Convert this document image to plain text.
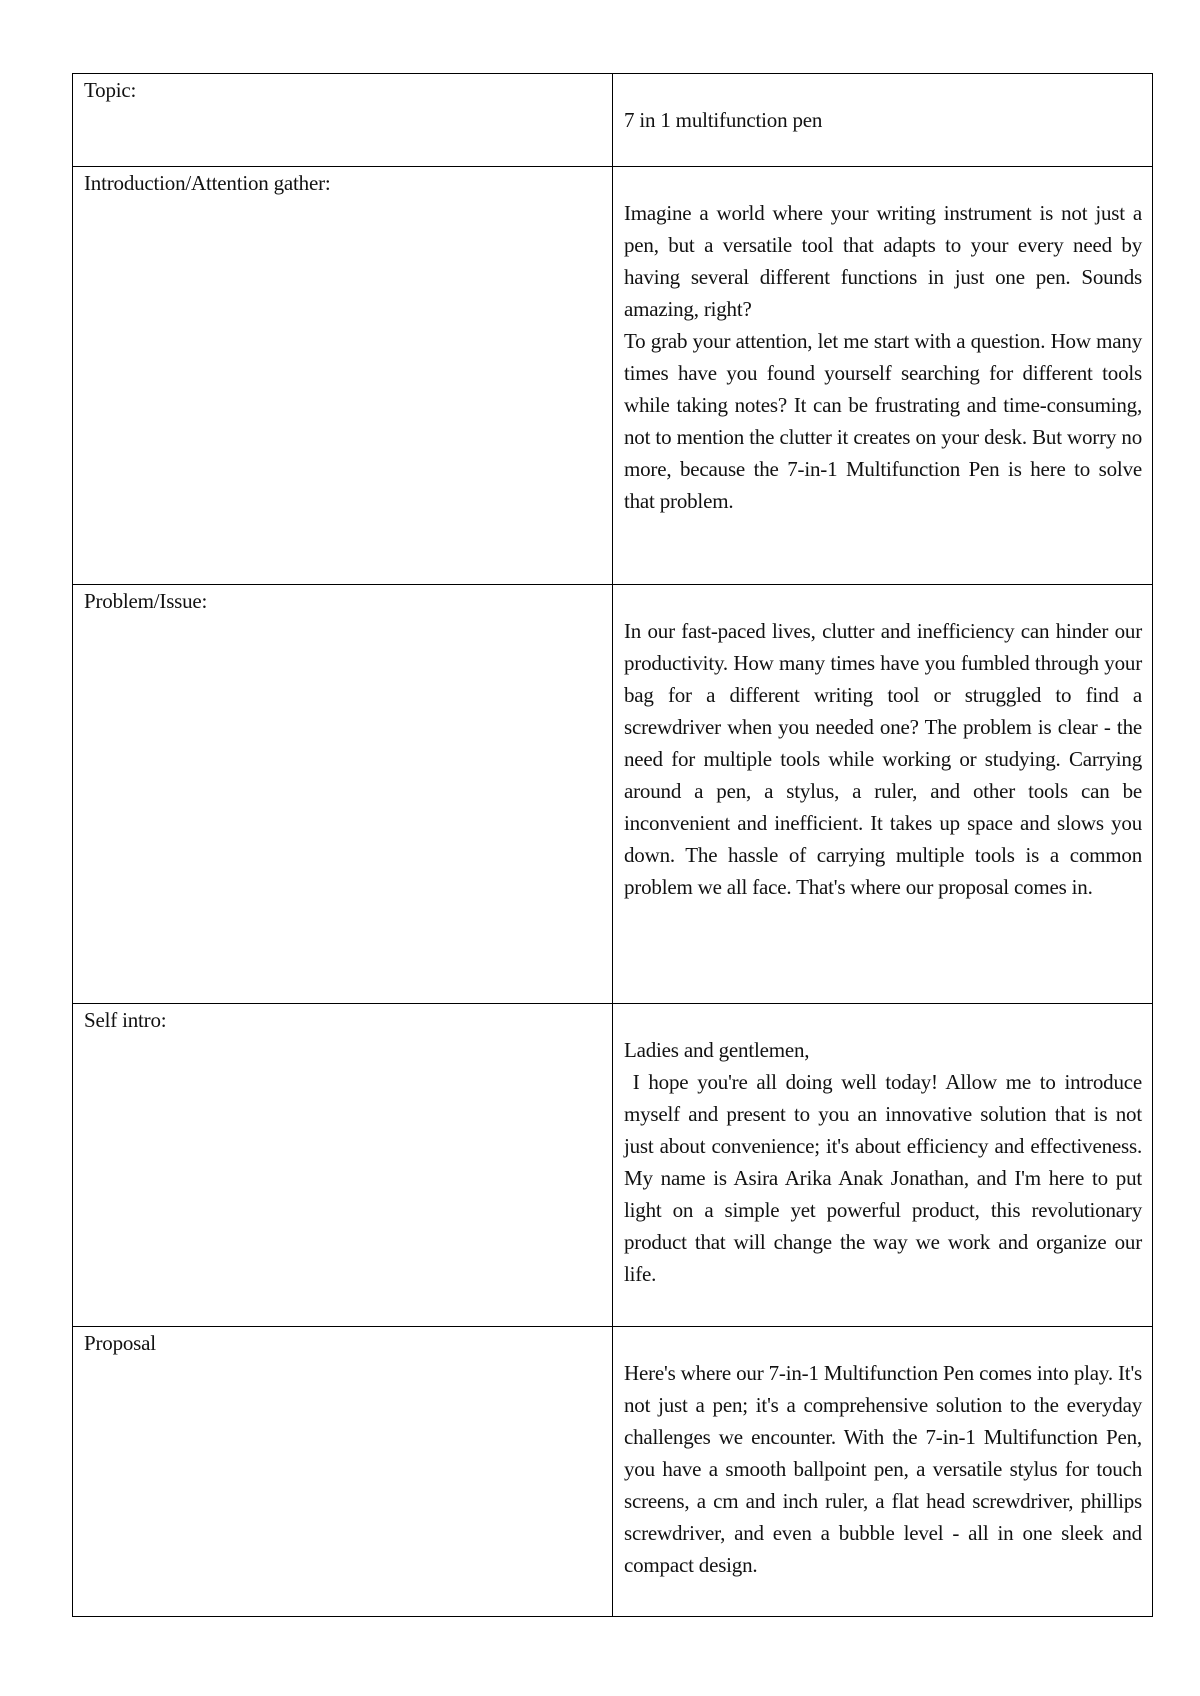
Topic:	7 in 1 multifunction pen

Introduction/Attention gather:	Imagine a world where your writing instrument is not just a pen, but a versatile tool that adapts to your every need by having several different functions in just one pen. Sounds amazing, right?

To grab your attention, let me start with a question. How many times have you found yourself searching for different tools while taking notes? It can be frustrating and time-consuming, not to mention the clutter it creates on your desk. But worry no more, because the 7-in-1 Multifunction Pen is here to solve that problem.

Problem/Issue:	In our fast-paced lives, clutter and inefficiency can hinder our productivity. How many times have you fumbled through your bag for a different writing tool or struggled to find a screwdriver when you needed one? The problem is clear - the need for multiple tools while working or studying. Carrying around a pen, a stylus, a ruler, and other tools can be inconvenient and inefficient. It takes up space and slows you down. The hassle of carrying multiple tools is a common problem we all face. That's where our proposal comes in.

Self intro:	Ladies and gentlemen,

I hope you're all doing well today! Allow me to introduce myself and present to you an innovative solution that is not just about convenience; it's about efficiency and effectiveness. My name is Asira Arika Anak Jonathan, and I'm here to put light on a simple yet powerful product, this revolutionary product that will change the way we work and organize our life.

Proposal	Here's where our 7-in-1 Multifunction Pen comes into play. It's not just a pen; it's a comprehensive solution to the everyday challenges we encounter. With the 7-in-1 Multifunction Pen, you have a smooth ballpoint pen, a versatile stylus for touch screens, a cm and inch ruler, a flat head screwdriver, phillips screwdriver, and even a bubble level - all in one sleek and compact design.
